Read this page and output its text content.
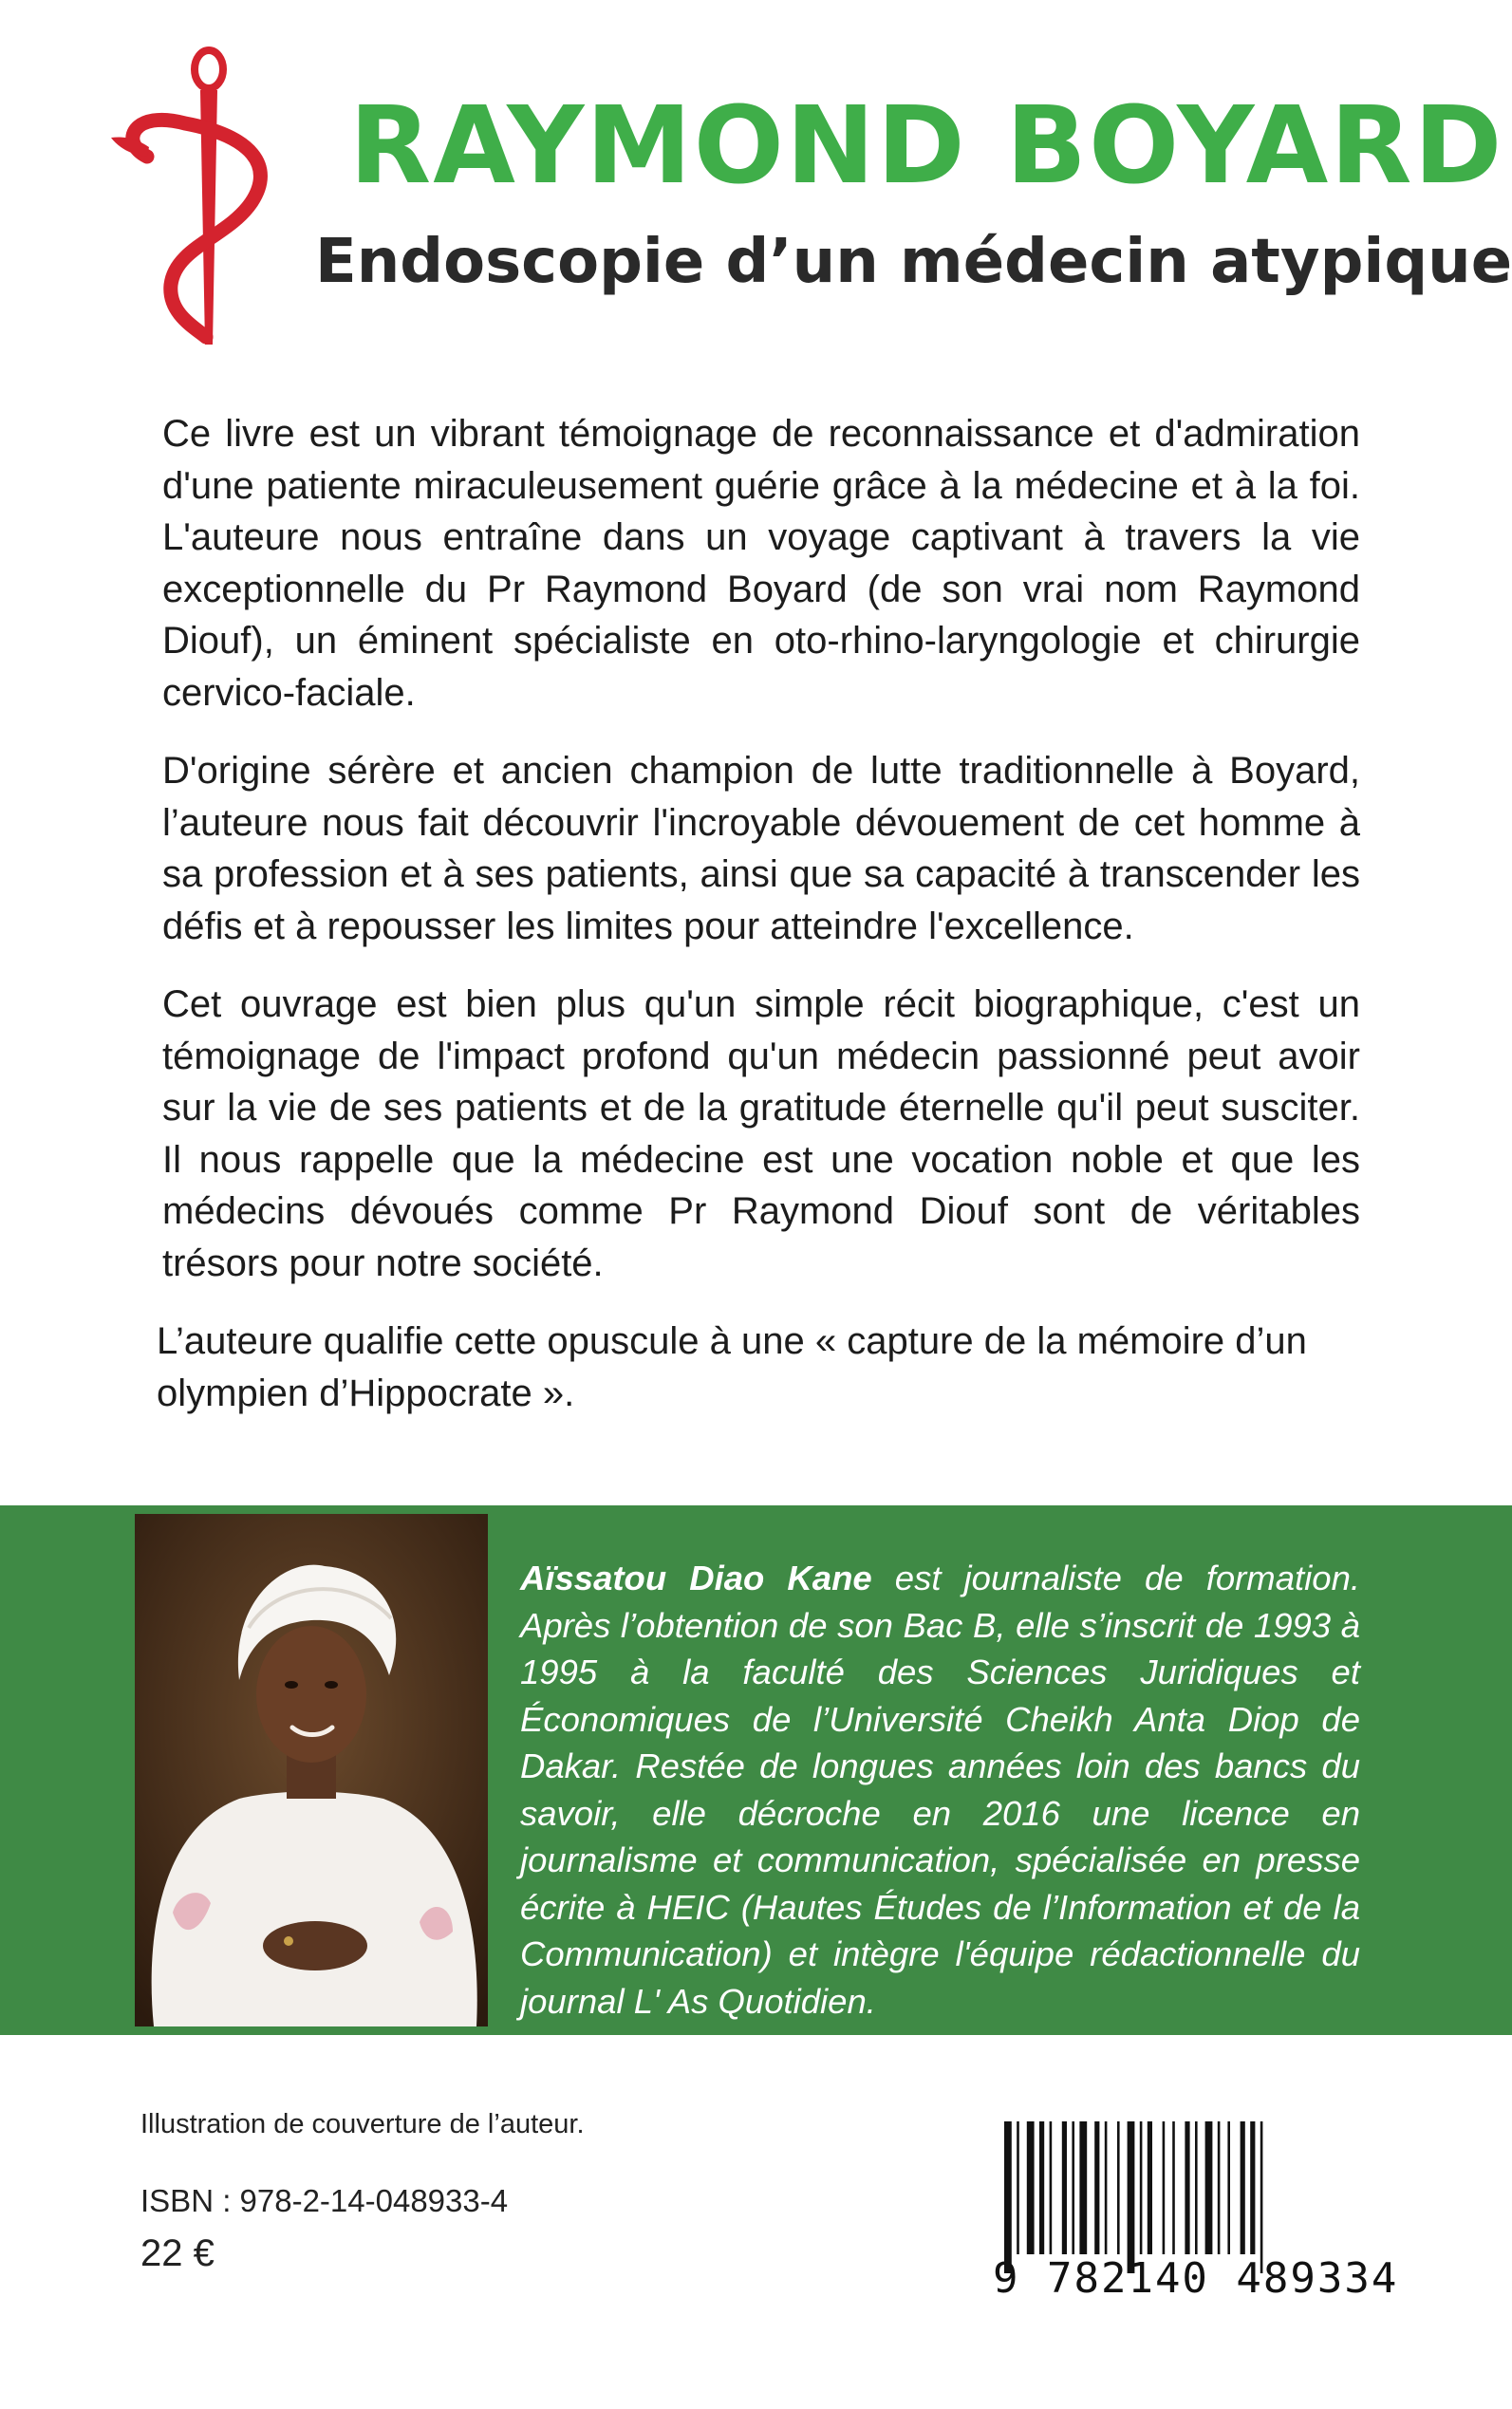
RAYMOND BOYARD
Endoscopie d’un médecin atypique

Ce livre est un vibrant témoignage de reconnaissance et d'admiration d'une patiente miraculeusement guérie grâce à la médecine et à la foi. L'auteure nous entraîne dans un voyage captivant à travers la vie exceptionnelle du Pr Raymond Boyard (de son vrai nom Raymond Diouf), un éminent spécialiste en oto-rhino-laryngologie et chirurgie cervico-faciale.

D'origine sérère et ancien champion de lutte traditionnelle à Boyard, l’auteure nous fait découvrir l'incroyable dévouement de cet homme à sa profession et à ses patients, ainsi que sa capacité à transcender les défis et à repousser les limites pour atteindre l'excellence.

Cet ouvrage est bien plus qu'un simple récit biographique, c'est un témoignage de l'impact profond qu'un médecin passionné peut avoir sur la vie de ses patients et de la gratitude éternelle qu'il peut susciter. Il nous rappelle que la médecine est une vocation noble et que les médecins dévoués comme Pr Raymond Diouf sont de véritables trésors pour notre société.

L’auteure qualifie cette opuscule à une « capture de la mémoire d’un olympien d’Hippocrate ».

Aïssatou Diao Kane est journaliste de formation. Après l’obtention de son Bac B, elle s’inscrit de 1993 à 1995 à la faculté des Sciences Juridiques et Économiques de l’Université Cheikh Anta Diop de Dakar. Restée de longues années loin des bancs du savoir, elle décroche en 2016 une licence en journalisme et communication, spécialisée en presse écrite à HEIC (Hautes Études de l’Information et de la Communication) et intègre l'équipe rédactionnelle du journal L' As Quotidien.

Illustration de couverture de l’auteur.

ISBN : 978-2-14-048933-4

22 €

9 782140 489334
